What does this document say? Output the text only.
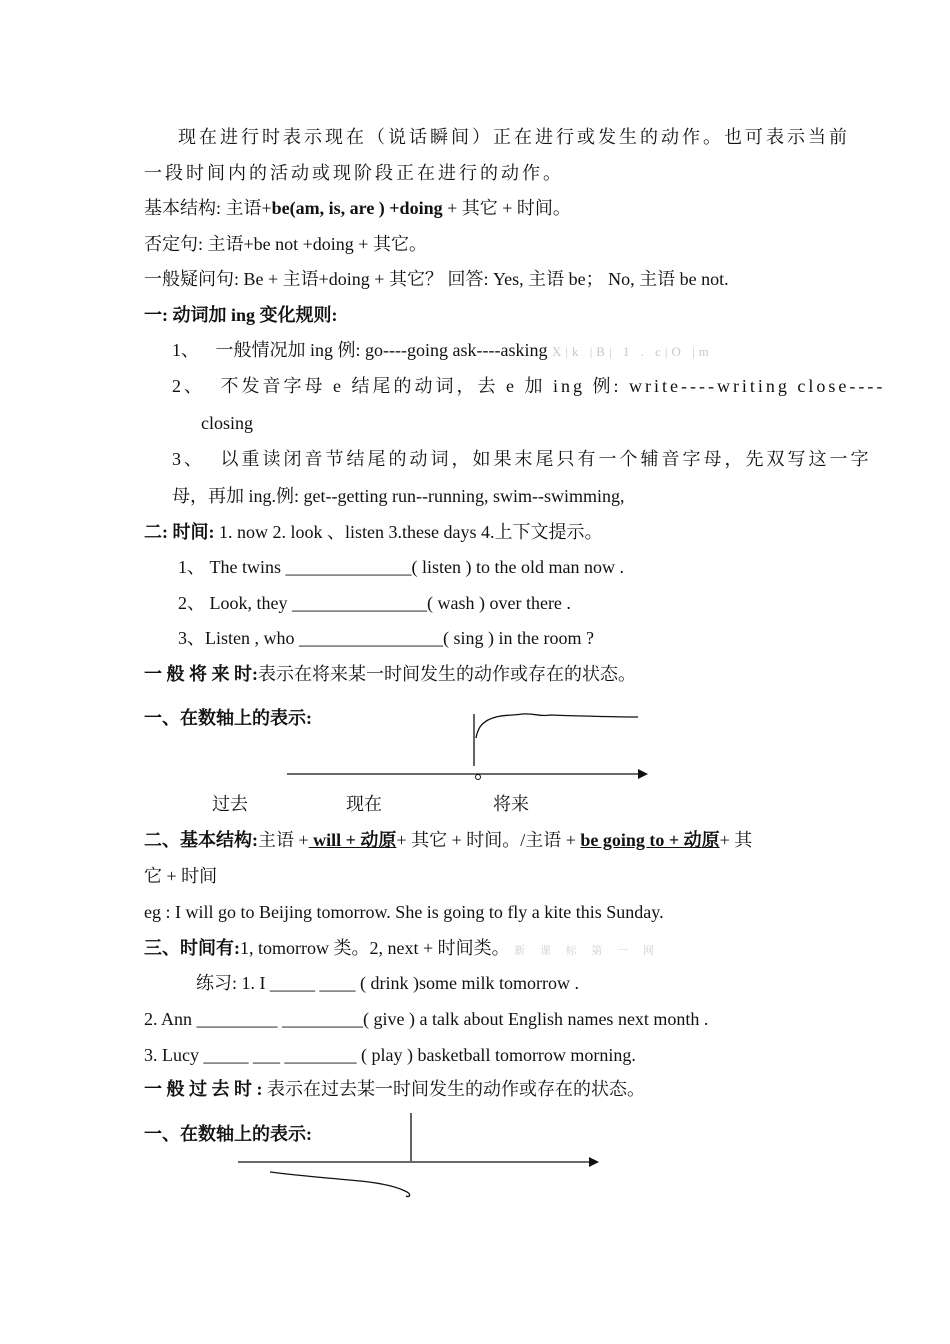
现在进行时表示现在（说话瞬间）正在进行或发生的动作。也可表示当前
一段时间内的活动或现阶段正在进行的动作。
基本结构: 主语+be(am, is, are ) +doing + 其它 + 时间。
否定句: 主语+be not +doing + 其它。
一般疑问句: Be + 主语+doing + 其它？ 回答: Yes, 主语 be； No, 主语 be not.
一: 动词加 ing 变化规则:
1、 一般情况加 ing 例: go----going ask----asking X|k |B| 1 . c|O |m
2、 不发音字母 e 结尾的动词，去 e 加 ing 例: write----writing close----
closing
3、 以重读闭音节结尾的动词，如果末尾只有一个辅音字母，先双写这一字
母，再加 ing.例: get--getting run--running, swim--swimming,
二: 时间: 1. now 2. look 、listen 3.these days 4.上下文提示。
1、 The twins ______________( listen ) to the old man now .
2、 Look, they _______________( wash ) over there .
3、Listen , who ________________( sing ) in the room ?
一 般 将 来 时:表示在将来某一时间发生的动作或存在的状态。
一、在数轴上的表示:
过去	现在	将来
二、基本结构:主语 + will + 动原+ 其它 + 时间。/主语 + be going to + 动原+ 其
它 + 时间
eg : I will go to Beijing tomorrow. She is going to fly a kite this Sunday.
三、时间有:1, tomorrow 类。2, next + 时间类。 新 课 标 第 一 网
练习: 1. I _____ ____ ( drink )some milk tomorrow .
2. Ann _________ _________( give ) a talk about English names next month .
3. Lucy _____ ___ ________ ( play ) basketball tomorrow morning.
一 般 过 去 时 : 表示在过去某一时间发生的动作或存在的状态。
一、在数轴上的表示:
